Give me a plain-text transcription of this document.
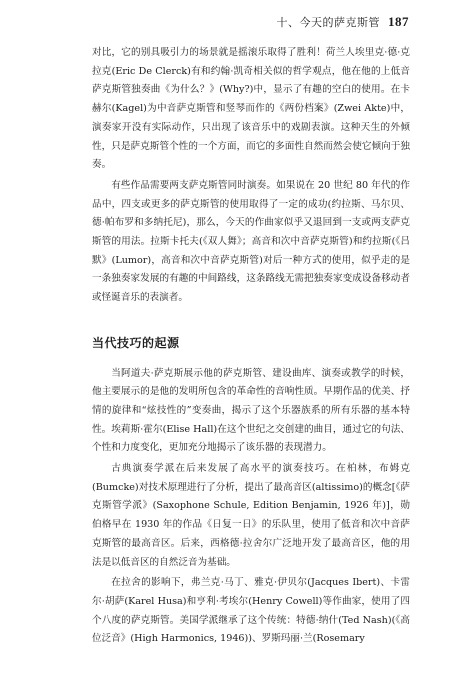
十、今天的萨克斯管 187

对比，它的别具吸引力的场景就是摇滚乐取得了胜利！荷兰人埃里克·德·克拉克(Eric De Clerck)有和约翰·凯奇相关似的哲学观点，他在他的上低音萨克斯管独奏曲《为什么？》(Why?)中，显示了有趣的空白的使用。在卡赫尔(Kagel)为中音萨克斯管和竖琴而作的《两份档案》(Zwei Akte)中，演奏家开没有实际动作，只出现了该音乐中的戏剧表演。这种天生的外倾性，只是萨克斯管个性的一个方面，而它的多面性自然而然会使它倾向于独奏。

有些作品需要两支萨克斯管同时演奏。如果说在 20 世纪 80 年代的作品中，四支或更多的萨克斯管的使用取得了一定的成功(约拉斯、马尔贝、德·帕布罗和多纳托尼)，那么，今天的作曲家似乎又退回到一支或两支萨克斯管的用法。拉斯卡托夫(《双人舞》；高音和次中音萨克斯管)和约拉斯(《吕默》(Lumor)，高音和次中音萨克斯管)对后一种方式的使用，似乎走的是一条独奏家发展的有趣的中间路线，这条路线无需把独奏家变成设备移动者或怪诞音乐的表演者。

当代技巧的起源

当阿道夫·萨克斯展示他的萨克斯管、建设曲库、演奏或教学的时候，他主要展示的是他的发明所包含的革命性的音响性质。早期作品的优美、抒情的旋律和“炫技性的”变奏曲，揭示了这个乐器族系的所有乐器的基本特性。埃莉斯·霍尔(Elise Hall)在这个世纪之交创建的曲目，通过它的句法、个性和力度变化，更加充分地揭示了该乐器的表现潜力。

古典演奏学派在后来发展了高水平的演奏技巧。在柏林，布姆克(Bumcke)对技术原理进行了分析，提出了最高音区(altissimo)的概念[《萨克斯管学派》(Saxophone Schule, Edition Benjamin, 1926 年)]，勋伯格早在 1930 年的作品《日复一日》的乐队里，使用了低音和次中音萨克斯管的最高音区。后来，西格德·拉舍尔广泛地开发了最高音区，他的用法是以低音区的自然泛音为基础。

在拉舍的影响下，弗兰克·马丁、雅克·伊贝尔(Jacques Ibert)、卡雷尔·胡萨(Karel Husa)和亨利·考埃尔(Henry Cowell)等作曲家，使用了四个八度的萨克斯管。美国学派继承了这个传统：特德·纳什(Ted Nash)(《高位泛音》(High Harmonics, 1946))、罗斯玛丽·兰(Rosemary
